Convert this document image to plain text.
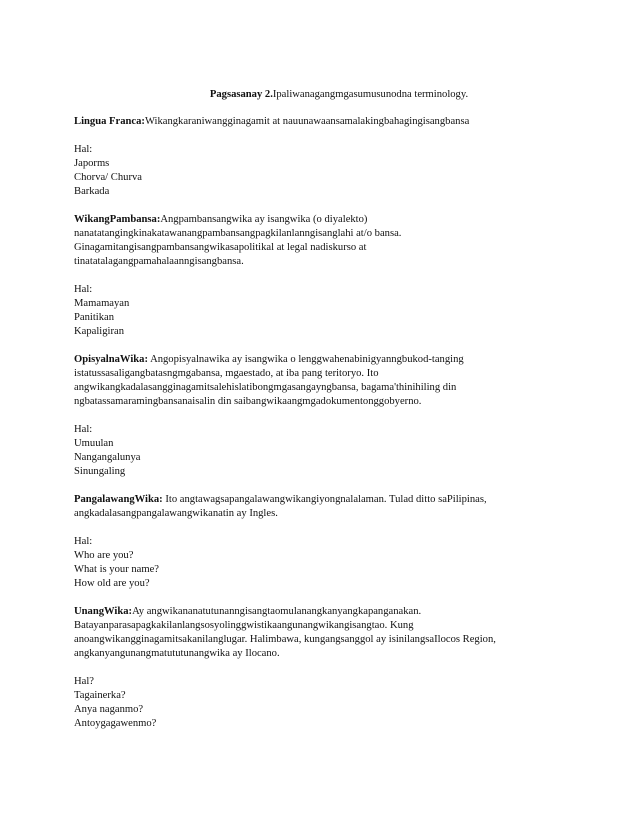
Pagsasanay 2.Ipaliwanagangmgasumusunodna terminology.
Lingua Franca:Wikangkaraniwangginagamit at nauunawaansamalakingbahagingisangbansa
Hal:
Japorms
Chorva/ Churva
Barkada
WikangPambansa:Angpambansangwika ay isangwika (o diyalekto)
nanatatangingkinakatawanangpambansangpagkilanlanngisanglahi at/o bansa.
Ginagamitangisangpambansangwikasapolitikal at legal nadiskurso at
tinatatalagangpamahalaanngisangbansa.
Hal:
Mamamayan
Panitikan
Kapaligiran
OpisyalnaWika: Angopisyalnawika ay isangwika o lenggwahenabinigyanngbukod-tanging
istatussasaligangbatasngmgabansa, mgaestado, at iba pang teritoryo. Ito
angwikangkadalasangginagamitsalehislatibongmgasangayngbansa, bagama'thinihiling din
ngbatassamaramingbansanaisalin din saibangwikaangmgadokumentonggobyerno.
Hal:
Umuulan
Nangangalunya
Sinungaling
PangalawangWika: Ito angtawagsapangalawangwikangiyongnalalaman. Tulad ditto saPilipinas,
angkadalasangpangalawangwikanatin ay Ingles.
Hal:
Who are you?
What is your name?
How old are you?
UnangWika:Ay angwikananatutunanngisangtaomulanangkanyangkapanganakan.
Batayanparasapagkakilanlangsosyolinggwistikaangunangwikangisangtao. Kung
anoangwikangginagamitsakanilanglugar. Halimbawa, kungangsanggol ay isinilangsaIlocos Region,
angkanyangunangmatututunangwika ay Ilocano.
Hal?
Tagainerka?
Anya naganmo?
Antoygagawenmo?
